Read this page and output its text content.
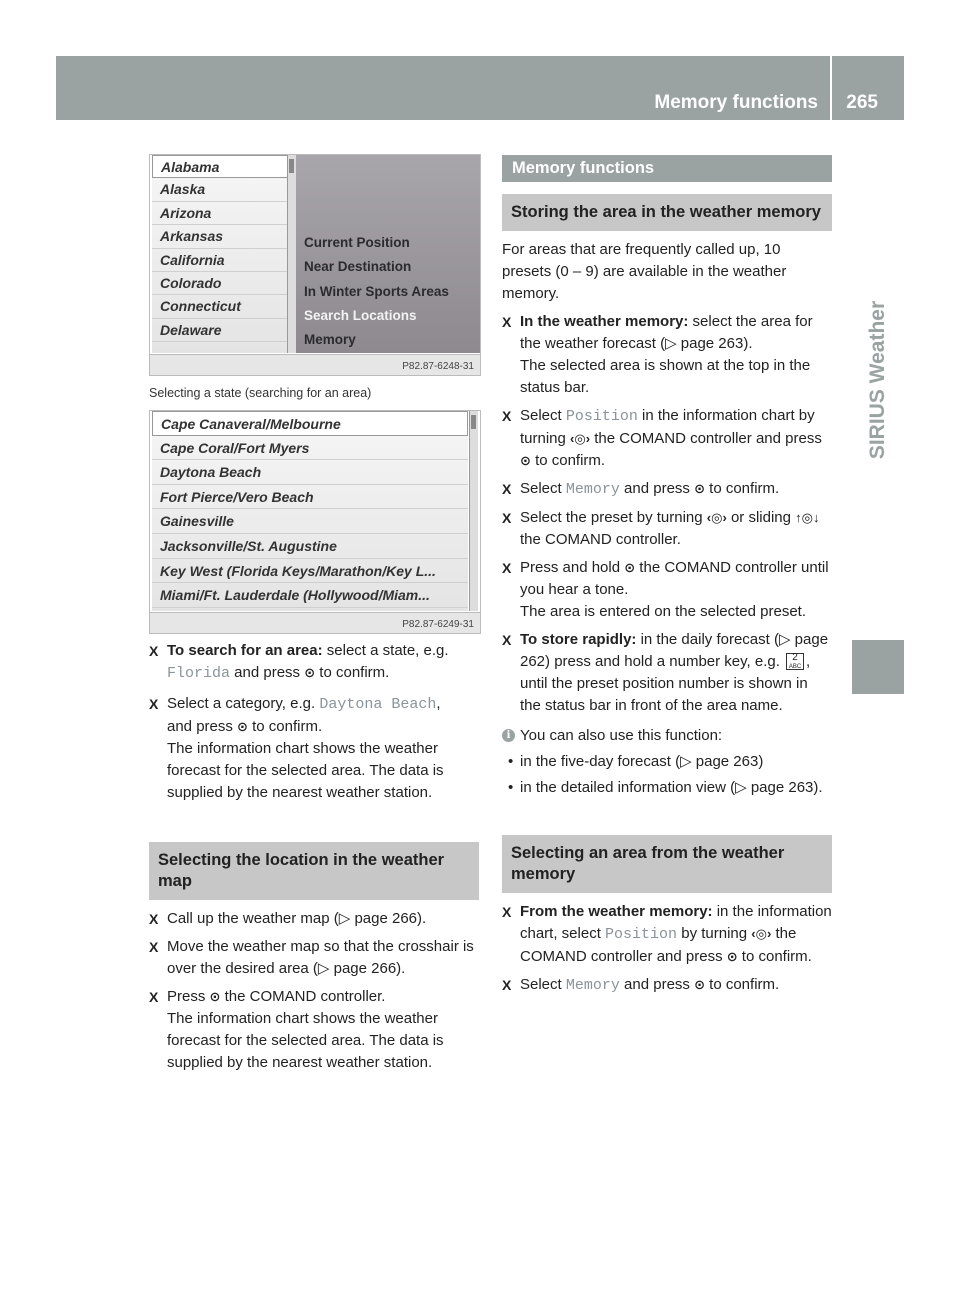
Memory functions 265
SIRIUS Weather
Alabama
Alaska
Arizona
Arkansas
California
Colorado
Connecticut
Delaware
Current Position
Near Destination
In Winter Sports Areas
Search Locations
Memory
P82.87-6248-31
Selecting a state (searching for an area)
Cape Canaveral/Melbourne
Cape Coral/Fort Myers
Daytona Beach
Fort Pierce/Vero Beach
Gainesville
Jacksonville/St. Augustine
Key West (Florida Keys/Marathon/Key L...
Miami/Ft. Lauderdale (Hollywood/Miam...
P82.87-6249-31
X To search for an area: select a state, e.g.
Florida and press ⊙ to confirm.
X Select a category, e.g. Daytona Beach,
and press ⊙ to confirm.
The information chart shows the weather forecast for the selected area. The data is supplied by the nearest weather station.
Selecting the location in the weather map
X Call up the weather map (▷ page 266).
X Move the weather map so that the crosshair is over the desired area (▷ page 266).
X Press ⊙ the COMAND controller.
The information chart shows the weather forecast for the selected area. The data is supplied by the nearest weather station.
Memory functions
Storing the area in the weather memory
For areas that are frequently called up, 10 presets (0 – 9) are available in the weather memory.
X In the weather memory: select the area for the weather forecast (▷ page 263).
The selected area is shown at the top in the status bar.
X Select Position in the information chart by turning ‹◎› the COMAND controller and press ⊙ to confirm.
X Select Memory and press ⊙ to confirm.
X Select the preset by turning ‹◎› or sliding ↑◎↓ the COMAND controller.
X Press and hold ⊙ the COMAND controller until you hear a tone.
The area is entered on the selected preset.
X To store rapidly: in the daily forecast (▷ page 262) press and hold a number key, e.g. 2
ABC , until the preset position number is shown in the status bar in front of the area name.
i You can also use this function:
• in the five-day forecast (▷ page 263)
• in the detailed information view (▷ page 263).
Selecting an area from the weather memory
X From the weather memory: in the information chart, select Position by turning ‹◎› the COMAND controller and press ⊙ to confirm.
X Select Memory and press ⊙ to confirm.
